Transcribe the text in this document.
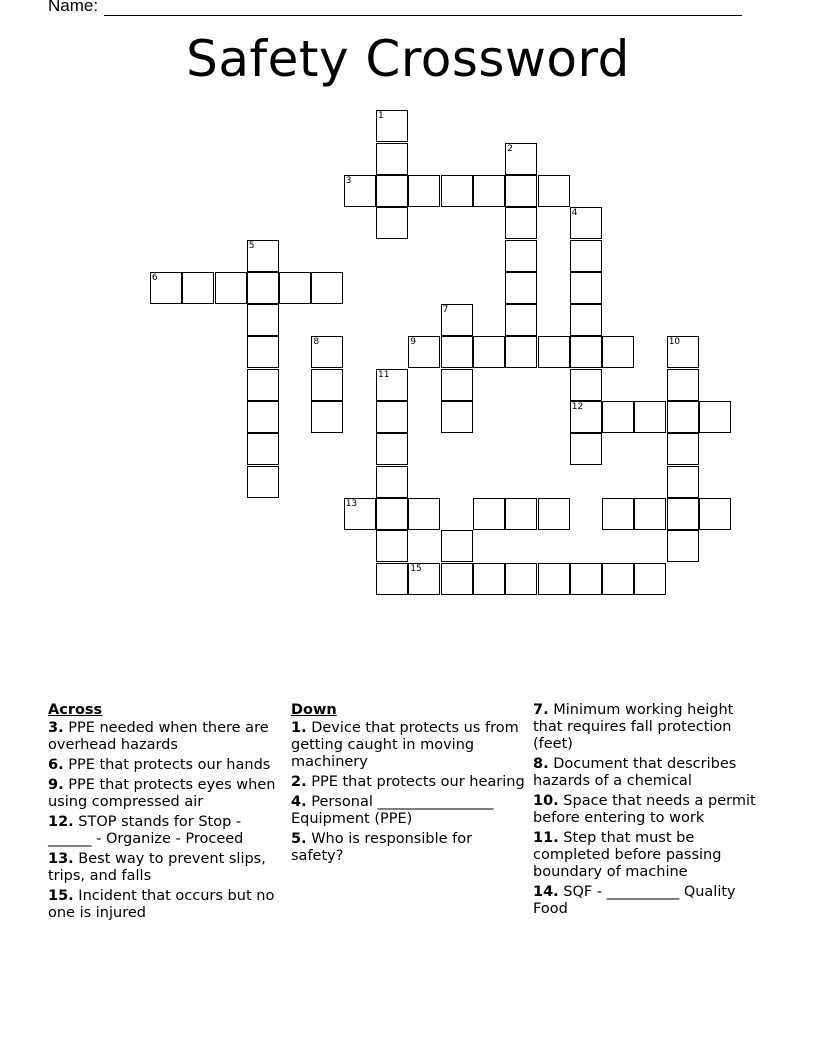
Name:
Safety Crossword
1
2
3
4
12
5
6
7
8	9	10
11
13
15
Across
3. PPE needed when there are overhead hazards
6. PPE that protects our hands
9. PPE that protects eyes when using compressed air
12. STOP stands for Stop - ______ - Organize - Proceed
13. Best way to prevent slips, trips, and falls
15. Incident that occurs but no one is injured
Down
1. Device that protects us from getting caught in moving machinery
2. PPE that protects our hearing
4. Personal ________________ Equipment (PPE)
5. Who is responsible for safety?
7. Minimum working height that requires fall protection (feet)
8. Document that describes hazards of a chemical
10. Space that needs a permit before entering to work
11. Step that must be completed before passing boundary of machine
14. SQF - __________ Quality Food
